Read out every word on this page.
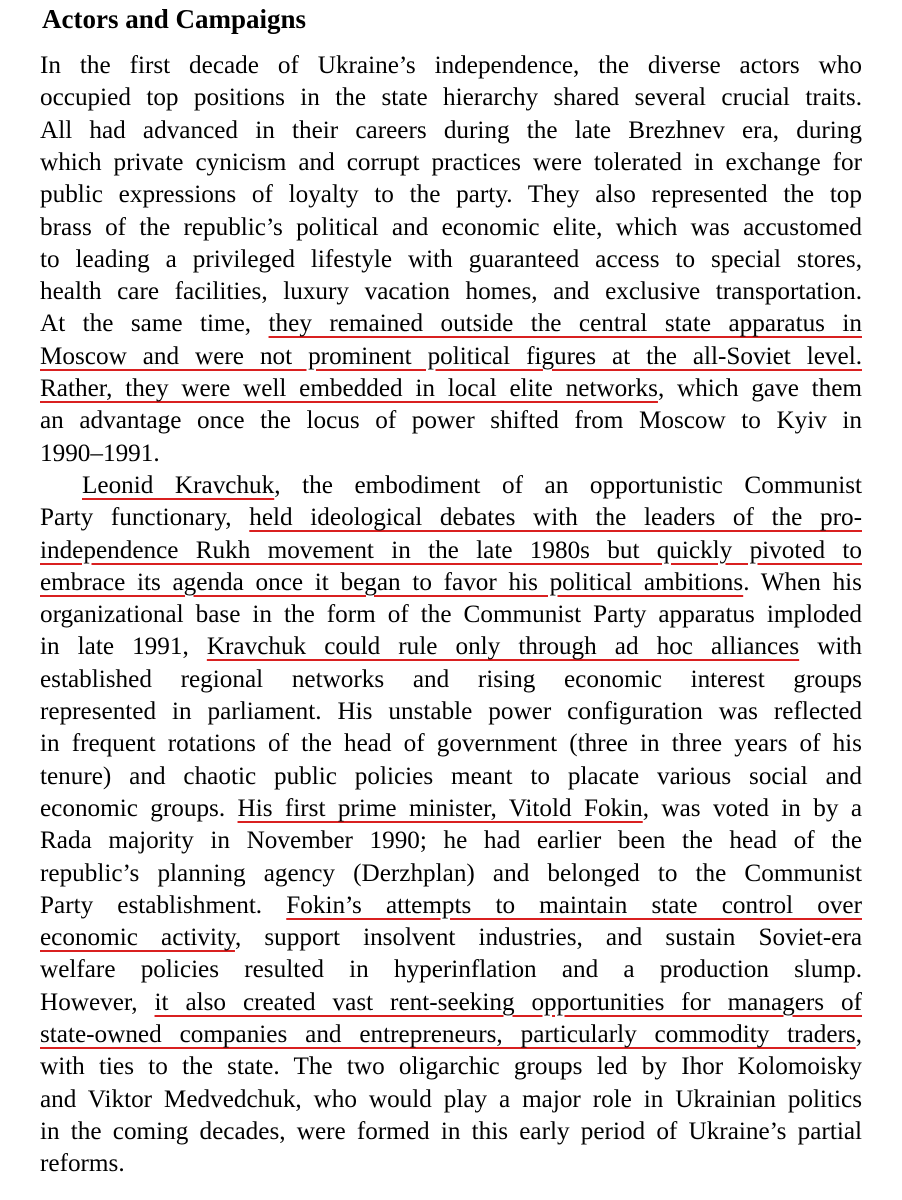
Actors and Campaigns
In the first decade of Ukraine’s independence, the diverse actors who
occupied top positions in the state hierarchy shared several crucial traits.
All had advanced in their careers during the late Brezhnev era, during
which private cynicism and corrupt practices were tolerated in exchange for
public expressions of loyalty to the party. They also represented the top
brass of the republic’s political and economic elite, which was accustomed
to leading a privileged lifestyle with guaranteed access to special stores,
health care facilities, luxury vacation homes, and exclusive transportation.
At the same time, they remained outside the central state apparatus in
Moscow and were not prominent political figures at the all-Soviet level.
Rather, they were well embedded in local elite networks, which gave them
an advantage once the locus of power shifted from Moscow to Kyiv in
1990–1991.
Leonid Kravchuk, the embodiment of an opportunistic Communist
Party functionary, held ideological debates with the leaders of the pro-
independence Rukh movement in the late 1980s but quickly pivoted to
embrace its agenda once it began to favor his political ambitions. When his
organizational base in the form of the Communist Party apparatus imploded
in late 1991, Kravchuk could rule only through ad hoc alliances with
established regional networks and rising economic interest groups
represented in parliament. His unstable power configuration was reflected
in frequent rotations of the head of government (three in three years of his
tenure) and chaotic public policies meant to placate various social and
economic groups. His first prime minister, Vitold Fokin, was voted in by a
Rada majority in November 1990; he had earlier been the head of the
republic’s planning agency (Derzhplan) and belonged to the Communist
Party establishment. Fokin’s attempts to maintain state control over
economic activity, support insolvent industries, and sustain Soviet-era
welfare policies resulted in hyperinflation and a production slump.
However, it also created vast rent-seeking opportunities for managers of
state-owned companies and entrepreneurs, particularly commodity traders,
with ties to the state. The two oligarchic groups led by Ihor Kolomoisky
and Viktor Medvedchuk, who would play a major role in Ukrainian politics
in the coming decades, were formed in this early period of Ukraine’s partial
reforms.
